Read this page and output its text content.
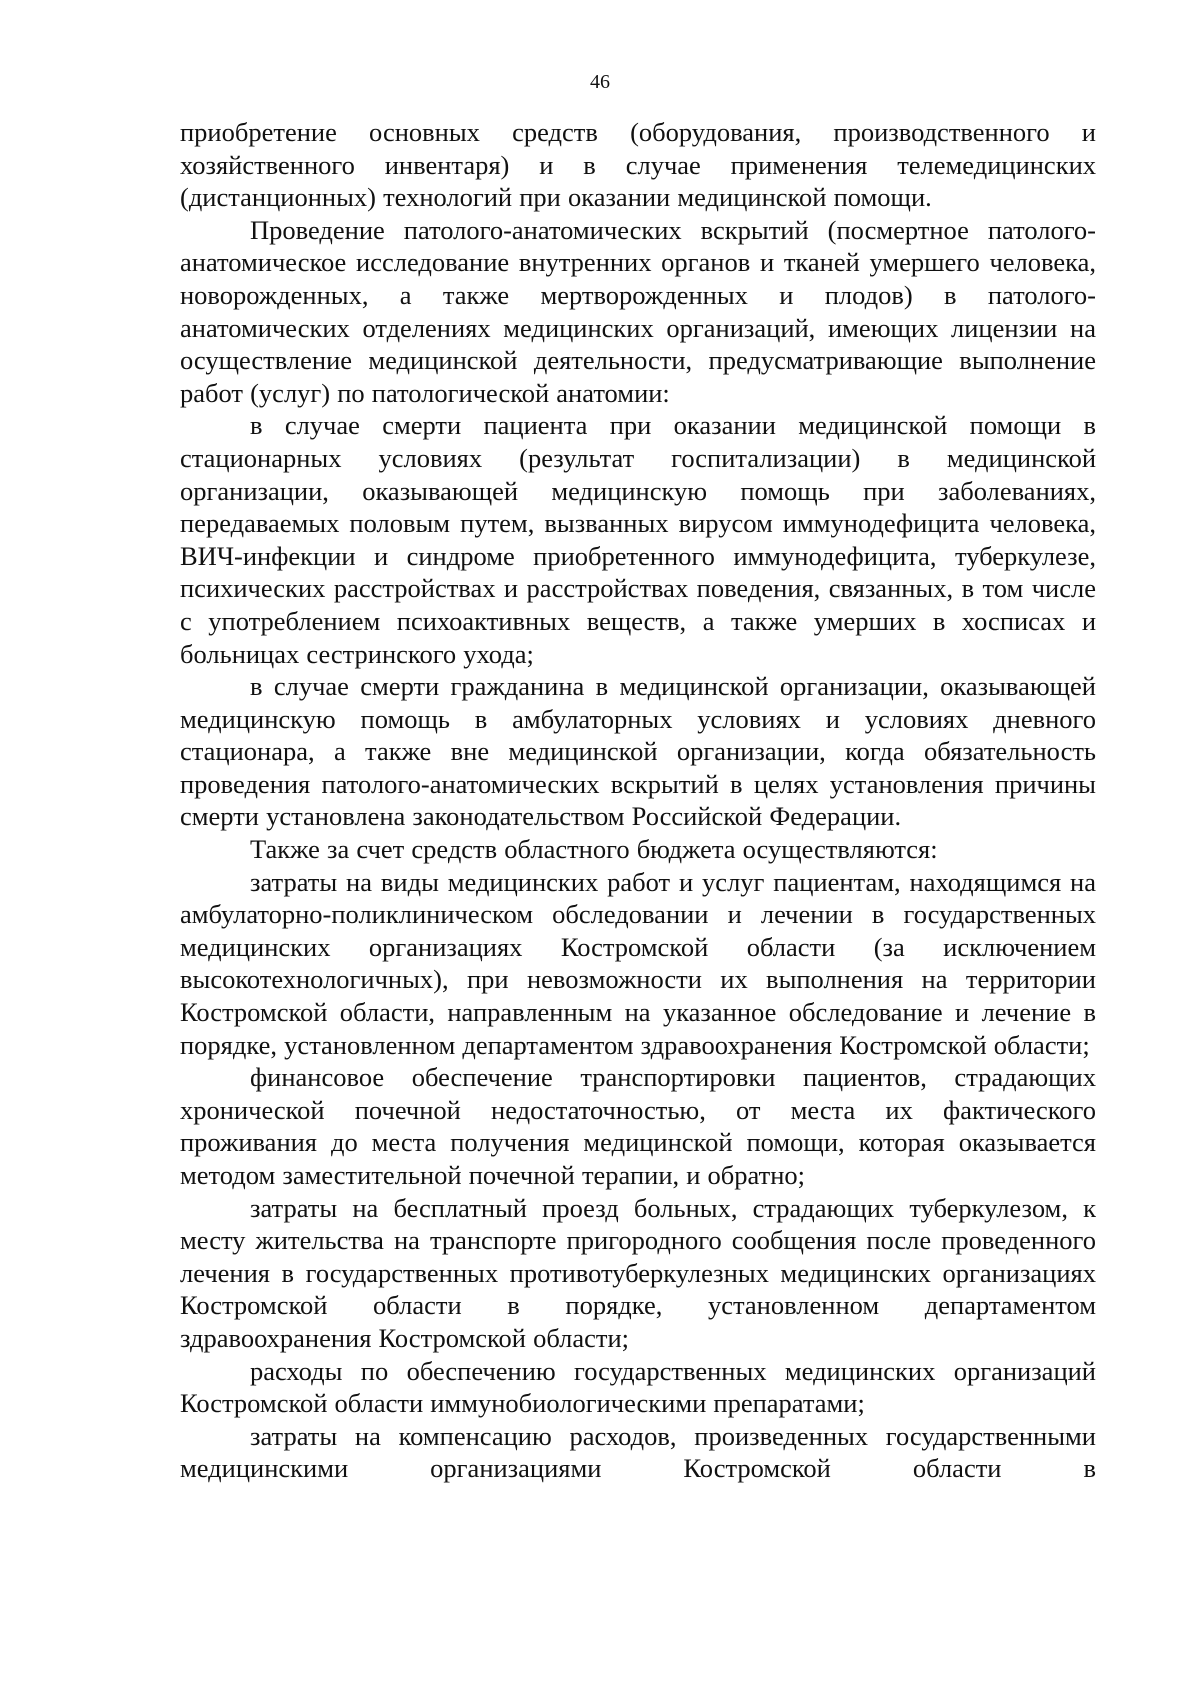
46

приобретение основных средств (оборудования, производственного и хозяйственного инвентаря) и в случае применения телемедицинских (дистанционных) технологий при оказании медицинской помощи.

Проведение патолого-анатомических вскрытий (посмертное патолого-анатомическое исследование внутренних органов и тканей умершего человека, новорожденных, а также мертворожденных и плодов) в патолого-анатомических отделениях медицинских организаций, имеющих лицензии на осуществление медицинской деятельности, предусматривающие выполнение работ (услуг) по патологической анатомии:

в случае смерти пациента при оказании медицинской помощи в стационарных условиях (результат госпитализации) в медицинской организации, оказывающей медицинскую помощь при заболеваниях, передаваемых половым путем, вызванных вирусом иммунодефицита человека, ВИЧ-инфекции и синдроме приобретенного иммунодефицита, туберкулезе, психических расстройствах и расстройствах поведения, связанных, в том числе с употреблением психоактивных веществ, а также умерших в хосписах и больницах сестринского ухода;

в случае смерти гражданина в медицинской организации, оказывающей медицинскую помощь в амбулаторных условиях и условиях дневного стационара, а также вне медицинской организации, когда обязательность проведения патолого-анатомических вскрытий в целях установления причины смерти установлена законодательством Российской Федерации.

Также за счет средств областного бюджета осуществляются:

затраты на виды медицинских работ и услуг пациентам, находящимся на амбулаторно-поликлиническом обследовании и лечении в государственных медицинских организациях Костромской области (за исключением высокотехнологичных), при невозможности их выполнения на территории Костромской области, направленным на указанное обследование и лечение в порядке, установленном департаментом здравоохранения Костромской области;

финансовое обеспечение транспортировки пациентов, страдающих хронической почечной недостаточностью, от места их фактического проживания до места получения медицинской помощи, которая оказывается методом заместительной почечной терапии, и обратно;

затраты на бесплатный проезд больных, страдающих туберкулезом, к месту жительства на транспорте пригородного сообщения после проведенного лечения в государственных противотуберкулезных медицинских организациях Костромской области в порядке, установленном департаментом здравоохранения Костромской области;

расходы по обеспечению государственных медицинских организаций Костромской области иммунобиологическими препаратами;

затраты на компенсацию расходов, произведенных государственными медицинскими организациями Костромской области в
